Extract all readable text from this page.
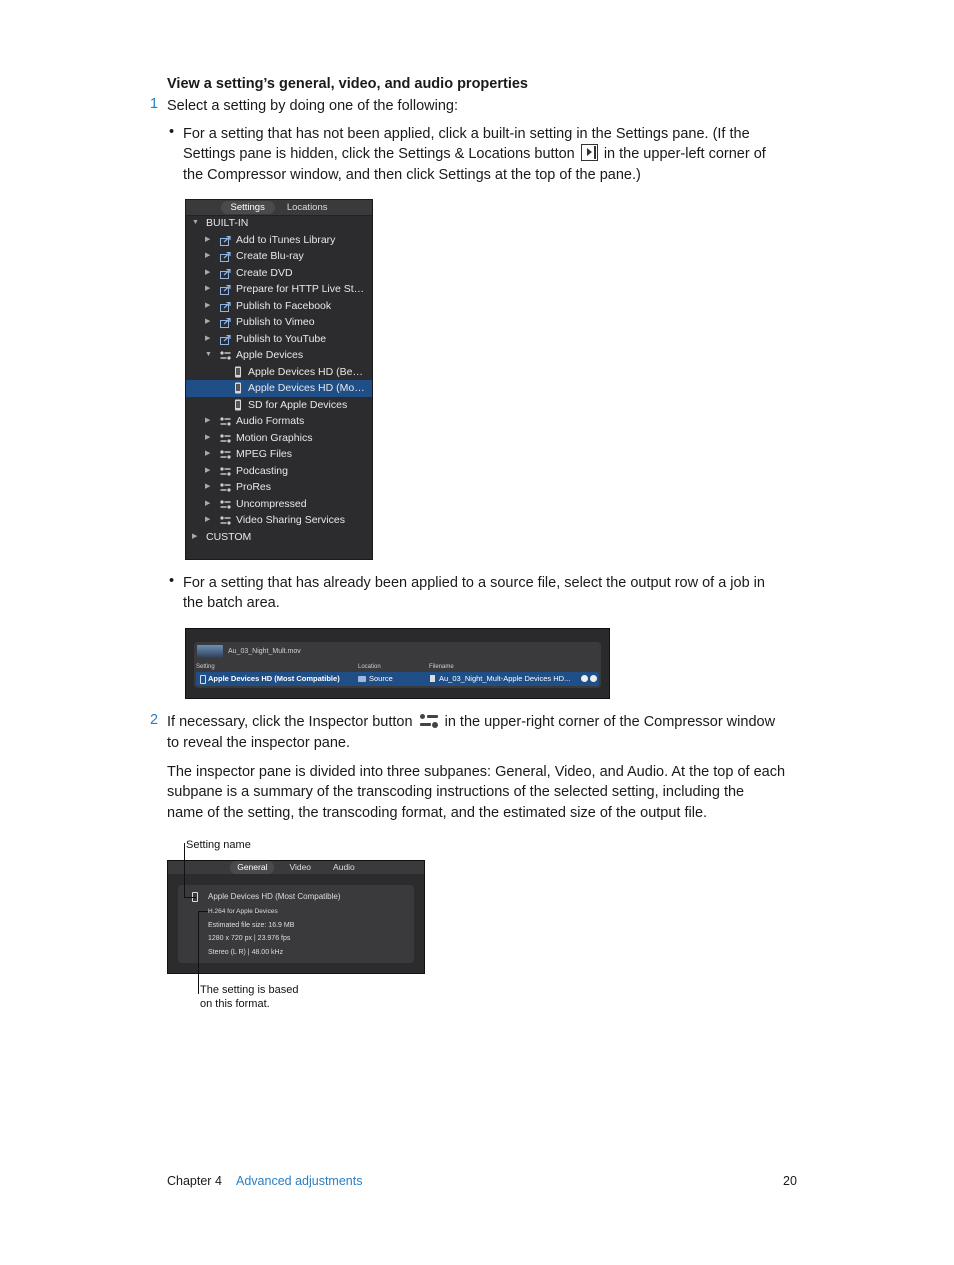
View a setting’s general, video, and audio properties
1 Select a setting by doing one of the following:
• For a setting that has not been applied, click a built-in setting in the Settings pane. (If the
Settings pane is hidden, click the Settings & Locations button in the upper-left corner of
the Compressor window, and then click Settings at the top of the pane.)
Settings	Locations
▼ BUILT-IN
▶ Add to iTunes Library
▶ Create Blu-ray
▶ Create DVD
▶ Prepare for HTTP Live St…
▶ Publish to Facebook
▶ Publish to Vimeo
▶ Publish to YouTube
▼ Apple Devices
Apple Devices HD (Be…
Apple Devices HD (Mo…
SD for Apple Devices
▶ Audio Formats
▶ Motion Graphics
▶ MPEG Files
▶ Podcasting
▶ ProRes
▶ Uncompressed
▶ Video Sharing Services
▶ CUSTOM
• For a setting that has already been applied to a source file, select the output row of a job in
the batch area.
Au_03_Night_Mult.mov
Setting	Location	Filename
Apple Devices HD (Most Compatible)	Source	Au_03_Night_Mult-Apple Devices HD...
2 If necessary, click the Inspector button in the upper-right corner of the Compressor window
to reveal the inspector pane.
The inspector pane is divided into three subpanes: General, Video, and Audio. At the top of each
subpane is a summary of the transcoding instructions of the selected setting, including the
name of the setting, the transcoding format, and the estimated size of the output file.
General	Video	Audio
Apple Devices HD (Most Compatible)
H.264 for Apple Devices
Estimated file size: 16.9 MB
1280 x 720 px | 23.976 fps
Stereo (L R) | 48.00 kHz
Setting name
The setting is based
on this format.
Chapter 4 Advanced adjustments	20
